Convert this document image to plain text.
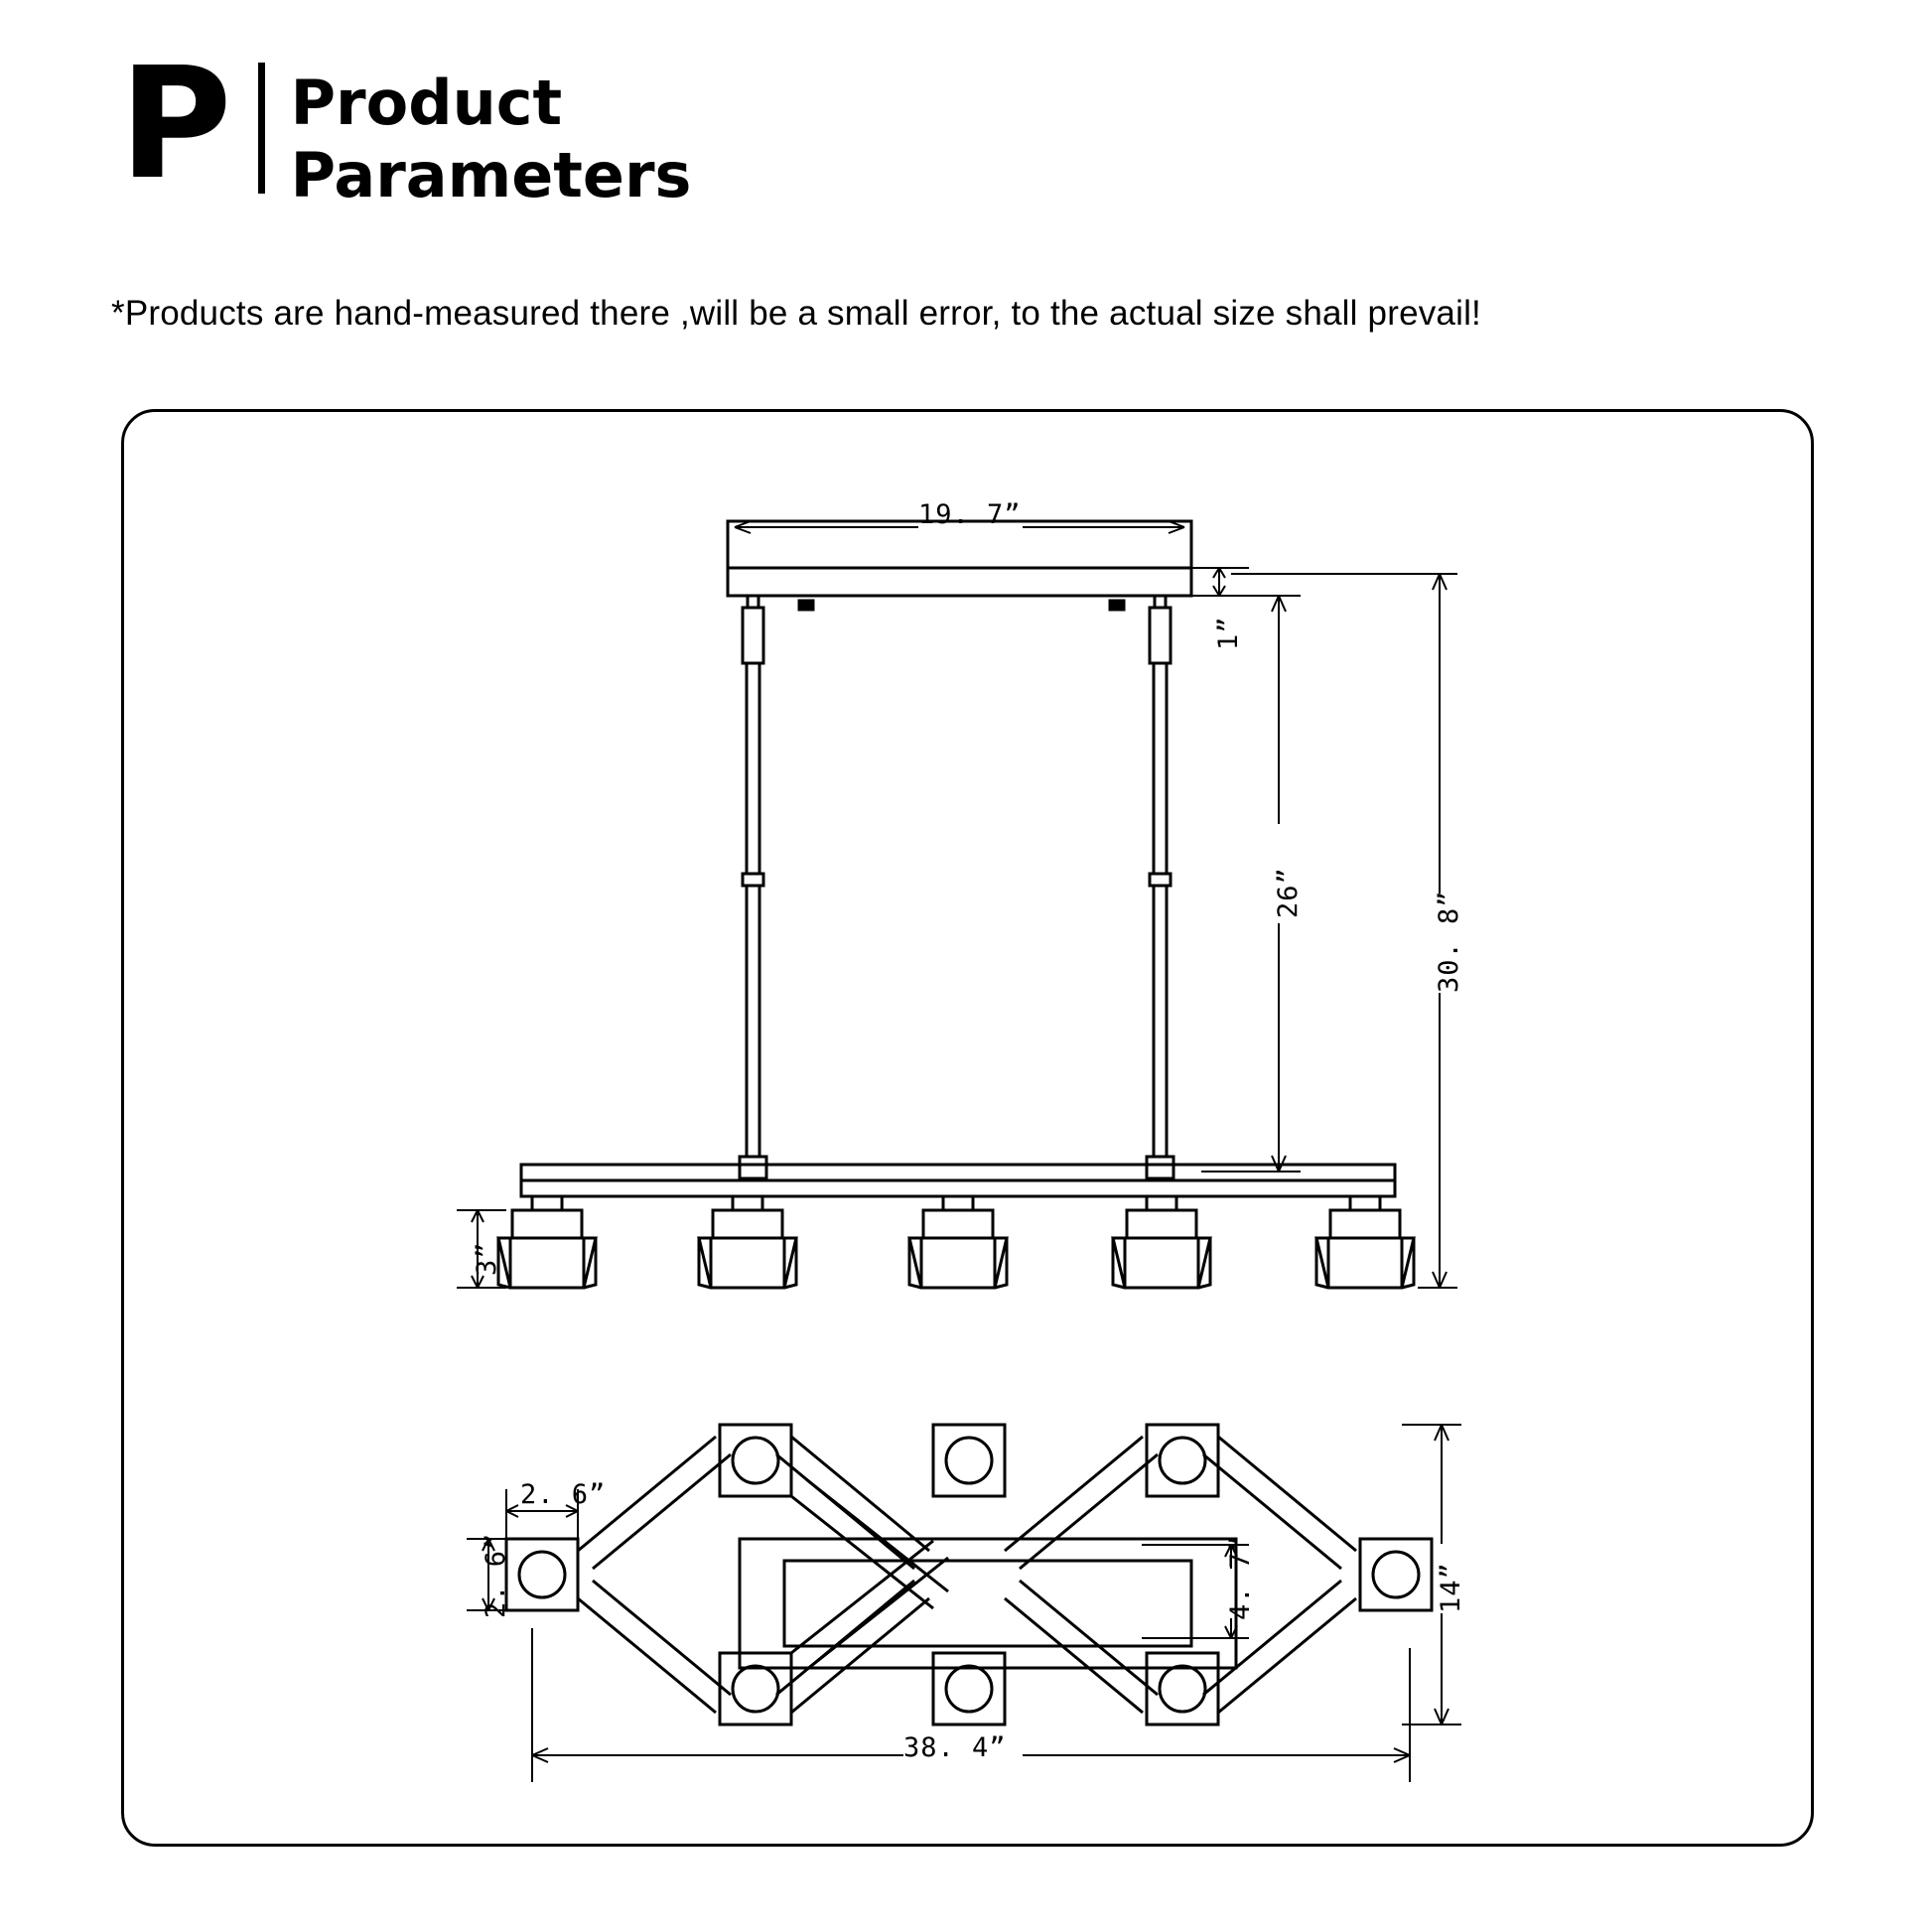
P Product
Parameters
*Products are hand-measured there ,will be a small error, to the actual size shall prevail!
19. 7”
1”
26”	30. 8”
3”
2. 6”
2. 6”	4. 7”	14”
38. 4”
